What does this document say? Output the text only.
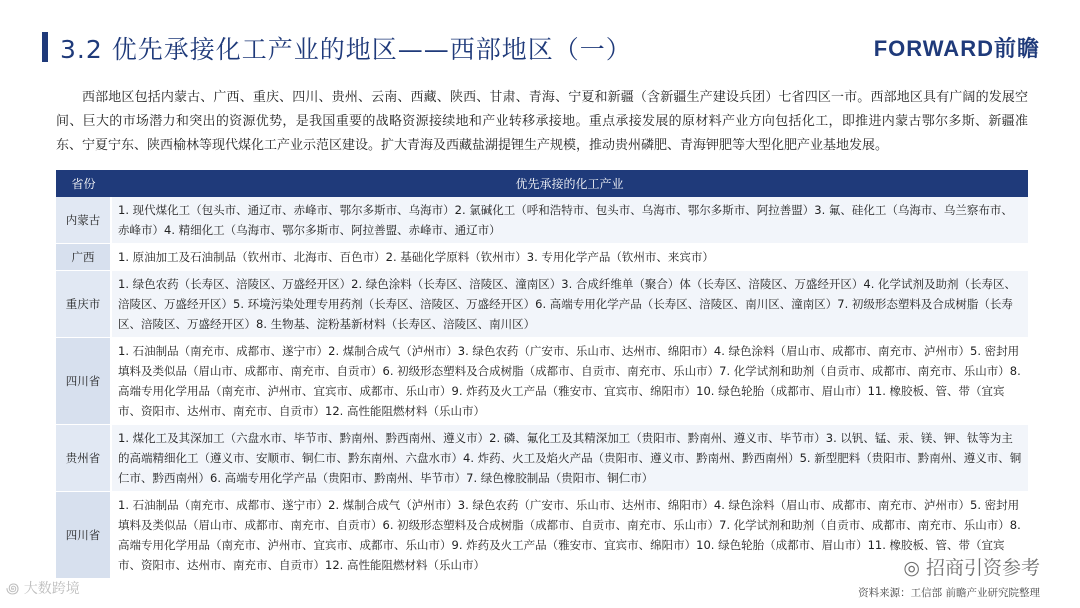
3.2 优先承接化工产业的地区——西部地区（一）	FORWARD前瞻

西部地区包括内蒙古、广西、重庆、四川、贵州、云南、西藏、陕西、甘肃、青海、宁夏和新疆（含新疆生产建设兵团）七省四区一市。西部地区具有广阔的发展空间、巨大的市场潜力和突出的资源优势，是我国重要的战略资源接续地和产业转移承接地。重点承接发展的原材料产业方向包括化工，即推进内蒙古鄂尔多斯、新疆准东、宁夏宁东、陕西榆林等现代煤化工产业示范区建设。扩大青海及西藏盐湖提锂生产规模，推动贵州磷肥、青海钾肥等大型化肥产业基地发展。

省份	优先承接的化工产业
内蒙古	1. 现代煤化工（包头市、通辽市、赤峰市、鄂尔多斯市、乌海市）2. 氯碱化工（呼和浩特市、包头市、乌海市、鄂尔多斯市、阿拉善盟）3. 氟、硅化工（乌海市、乌兰察布市、赤峰市）4. 精细化工（乌海市、鄂尔多斯市、阿拉善盟、赤峰市、通辽市）
广西	1. 原油加工及石油制品（钦州市、北海市、百色市）2. 基础化学原料（钦州市）3. 专用化学产品（钦州市、来宾市）
重庆市	1. 绿色农药（长寿区、涪陵区、万盛经开区）2. 绿色涂料（长寿区、涪陵区、潼南区）3. 合成纤维单（聚合）体（长寿区、涪陵区、万盛经开区）4. 化学试剂及助剂（长寿区、涪陵区、万盛经开区）5. 环境污染处理专用药剂（长寿区、涪陵区、万盛经开区）6. 高端专用化学产品（长寿区、涪陵区、南川区、潼南区）7. 初级形态塑料及合成树脂（长寿区、涪陵区、万盛经开区）8. 生物基、淀粉基新材料（长寿区、涪陵区、南川区）
四川省	1. 石油制品（南充市、成都市、遂宁市）2. 煤制合成气（泸州市）3. 绿色农药（广安市、乐山市、达州市、绵阳市）4. 绿色涂料（眉山市、成都市、南充市、泸州市）5. 密封用填料及类似品（眉山市、成都市、南充市、自贡市）6. 初级形态塑料及合成树脂（成都市、自贡市、南充市、乐山市）7. 化学试剂和助剂（自贡市、成都市、南充市、乐山市）8. 高端专用化学用品（南充市、泸州市、宜宾市、成都市、乐山市）9. 炸药及火工产品（雅安市、宜宾市、绵阳市）10. 绿色轮胎（成都市、眉山市）11. 橡胶板、管、带（宜宾市、资阳市、达州市、南充市、自贡市）12. 高性能阻燃材料（乐山市）
贵州省	1. 煤化工及其深加工（六盘水市、毕节市、黔南州、黔西南州、遵义市）2. 磷、氟化工及其精深加工（贵阳市、黔南州、遵义市、毕节市）3. 以钒、锰、汞、镁、钾、钛等为主的高端精细化工（遵义市、安顺市、铜仁市、黔东南州、六盘水市）4. 炸药、火工及焰火产品（贵阳市、遵义市、黔南州、黔西南州）5. 新型肥料（贵阳市、黔南州、遵义市、铜仁市、黔西南州）6. 高端专用化学产品（贵阳市、黔南州、毕节市）7. 绿色橡胶制品（贵阳市、铜仁市）
四川省	1. 石油制品（南充市、成都市、遂宁市）2. 煤制合成气（泸州市）3. 绿色农药（广安市、乐山市、达州市、绵阳市）4. 绿色涂料（眉山市、成都市、南充市、泸州市）5. 密封用填料及类似品（眉山市、成都市、南充市、自贡市）6. 初级形态塑料及合成树脂（成都市、自贡市、南充市、乐山市）7. 化学试剂和助剂（自贡市、成都市、南充市、乐山市）8. 高端专用化学用品（南充市、泸州市、宜宾市、成都市、乐山市）9. 炸药及火工产品（雅安市、宜宾市、绵阳市）10. 绿色轮胎（成都市、眉山市）11. 橡胶板、管、带（宜宾市、资阳市、达州市、南充市、自贡市）12. 高性能阻燃材料（乐山市）
꩜ 大数跨境
◎ 招商引资参考
资料来源：工信部 前瞻产业研究院整理
